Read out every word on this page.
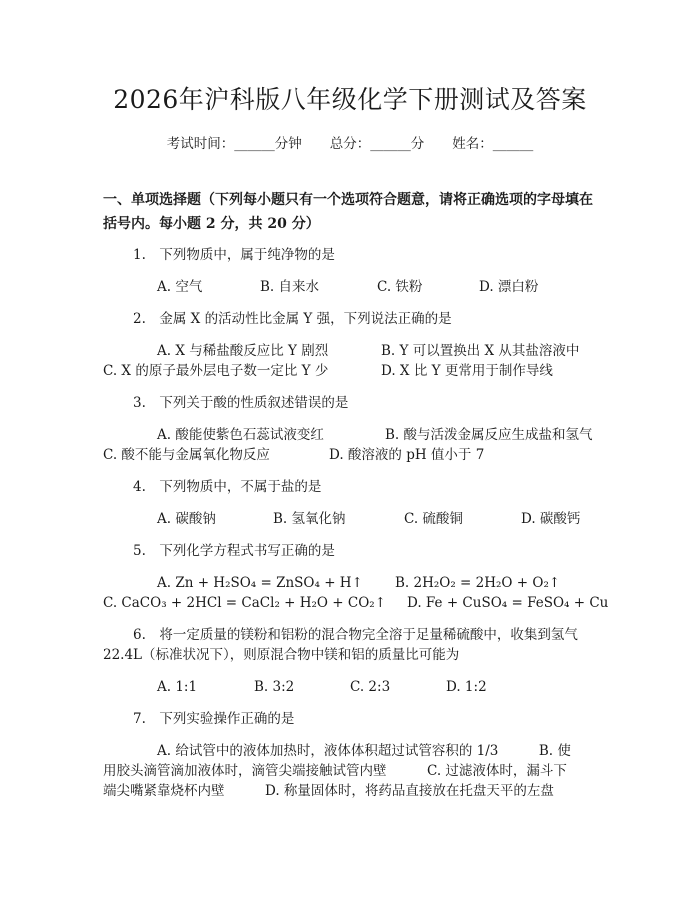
2026年沪科版八年级化学下册测试及答案
考试时间：______分钟 总分：______分 姓名：______
一、单项选择题（下列每小题只有一个选项符合题意，请将正确选项的字母填在括号内。每小题 2 分，共 20 分）
1.　下列物质中，属于纯净物的是
A. 空气	B. 自来水	C. 铁粉	D. 漂白粉
2.　金属 X 的活动性比金属 Y 强，下列说法正确的是
A. X 与稀盐酸反应比 Y 剧烈	B. Y 可以置换出 X 从其盐溶液中
C. X 的原子最外层电子数一定比 Y 少	D. X 比 Y 更常用于制作导线
3.　下列关于酸的性质叙述错误的是
A. 酸能使紫色石蕊试液变红	B. 酸与活泼金属反应生成盐和氢气
C. 酸不能与金属氧化物反应	D. 酸溶液的 pH 值小于 7
4.　下列物质中，不属于盐的是
A. 碳酸钠	B. 氢氧化钠	C. 硫酸铜	D. 碳酸钙
5.　下列化学方程式书写正确的是
A. Zn + H₂SO₄ = ZnSO₄ + H↑ B. 2H₂O₂ = 2H₂O + O₂↑
C. CaCO₃ + 2HCl = CaCl₂ + H₂O + CO₂↑ D. Fe + CuSO₄ = FeSO₄ + Cu
6.　将一定质量的镁粉和铝粉的混合物完全溶于足量稀硫酸中，收集到氢气
22.4L（标准状况下），则原混合物中镁和铝的质量比可能为
A. 1:1	B. 3:2	C. 2:3	D. 1:2
7.　下列实验操作正确的是
A. 给试管中的液体加热时，液体体积超过试管容积的 1/3　　　B. 使
用胶头滴管滴加液体时，滴管尖端接触试管内壁　　　C. 过滤液体时，漏斗下
端尖嘴紧靠烧杯内壁　　　D. 称量固体时，将药品直接放在托盘天平的左盘
